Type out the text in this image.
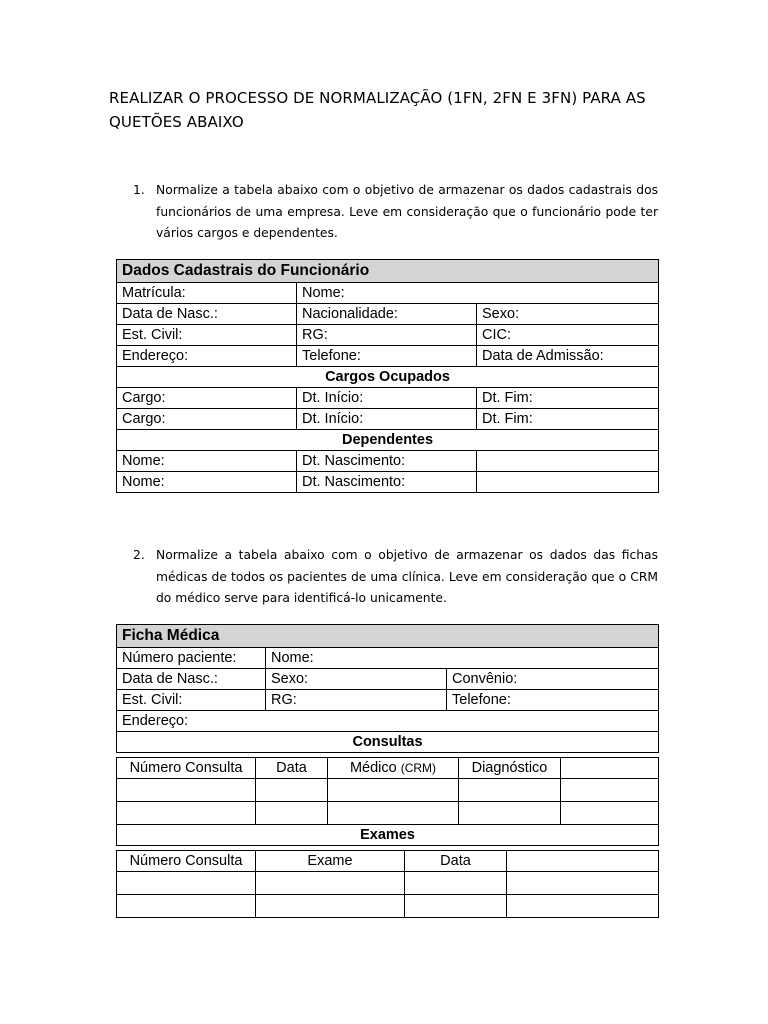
REALIZAR O PROCESSO DE NORMALIZAÇÃO (1FN, 2FN E 3FN) PARA AS QUETÕES ABAIXO
1. Normalize a tabela abaixo com o objetivo de armazenar os dados cadastrais dos funcionários de uma empresa. Leve em consideração que o funcionário pode ter vários cargos e dependentes.
Dados Cadastrais do Funcionário		
Matrícula:	Nome:	
Data de Nasc.:	Nacionalidade:	Sexo:
Est. Civil:	RG:	CIC:
Endereço:	Telefone:	Data de Admissão:
Cargos Ocupados		
Cargo:	Dt. Início:	Dt. Fim:
Cargo:	Dt. Início:	Dt. Fim:
Dependentes		
Nome:	Dt. Nascimento:	
Nome:	Dt. Nascimento:	
2. Normalize a tabela abaixo com o objetivo de armazenar os dados das fichas médicas de todos os pacientes de uma clínica. Leve em consideração que o CRM do médico serve para identificá-lo unicamente.
Ficha Médica		
Número paciente:	Nome:	
Data de Nasc.:	Sexo:	Convênio:
Est. Civil:	RG:	Telefone:
Endereço:		
Consultas		
Número Consulta	Data	Médico (CRM)	Diagnóstico	

Exames				
Número Consulta	Exame	Data	
